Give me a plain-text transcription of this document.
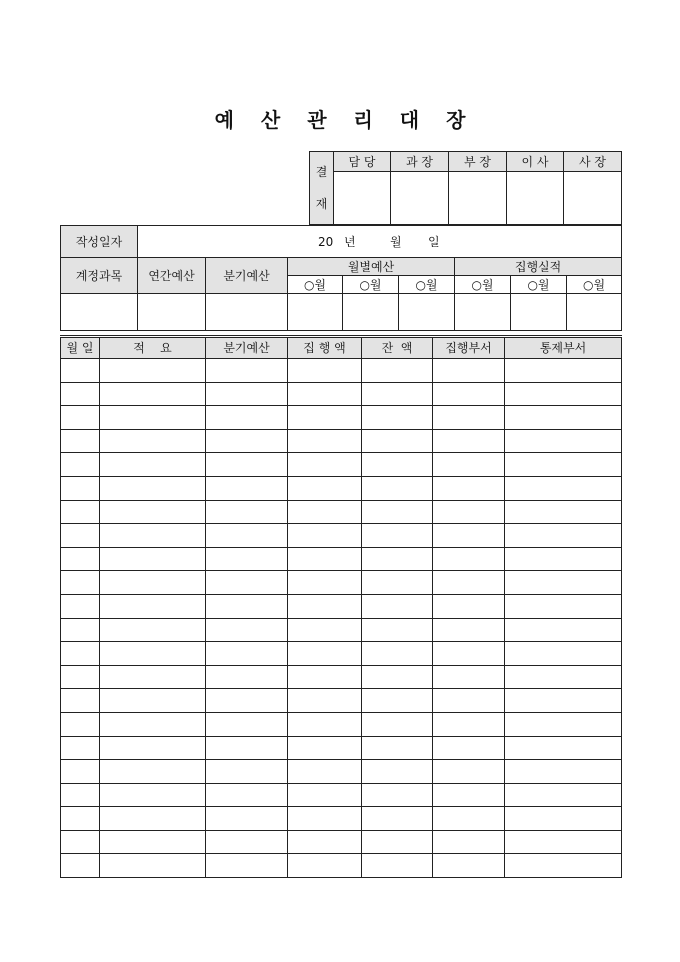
예 산 관 리 대 장
결
재	담 당	과 장	부 장	이 사	사 장

작성일자	20 년 월 일							
계정과목	연간예산	분기예산	월별예산			집행실적		
			○월	○월	○월	○월	○월	○월

월 일	적    요	분기예산	집 행 액	잔  액	집행부서	통제부서
